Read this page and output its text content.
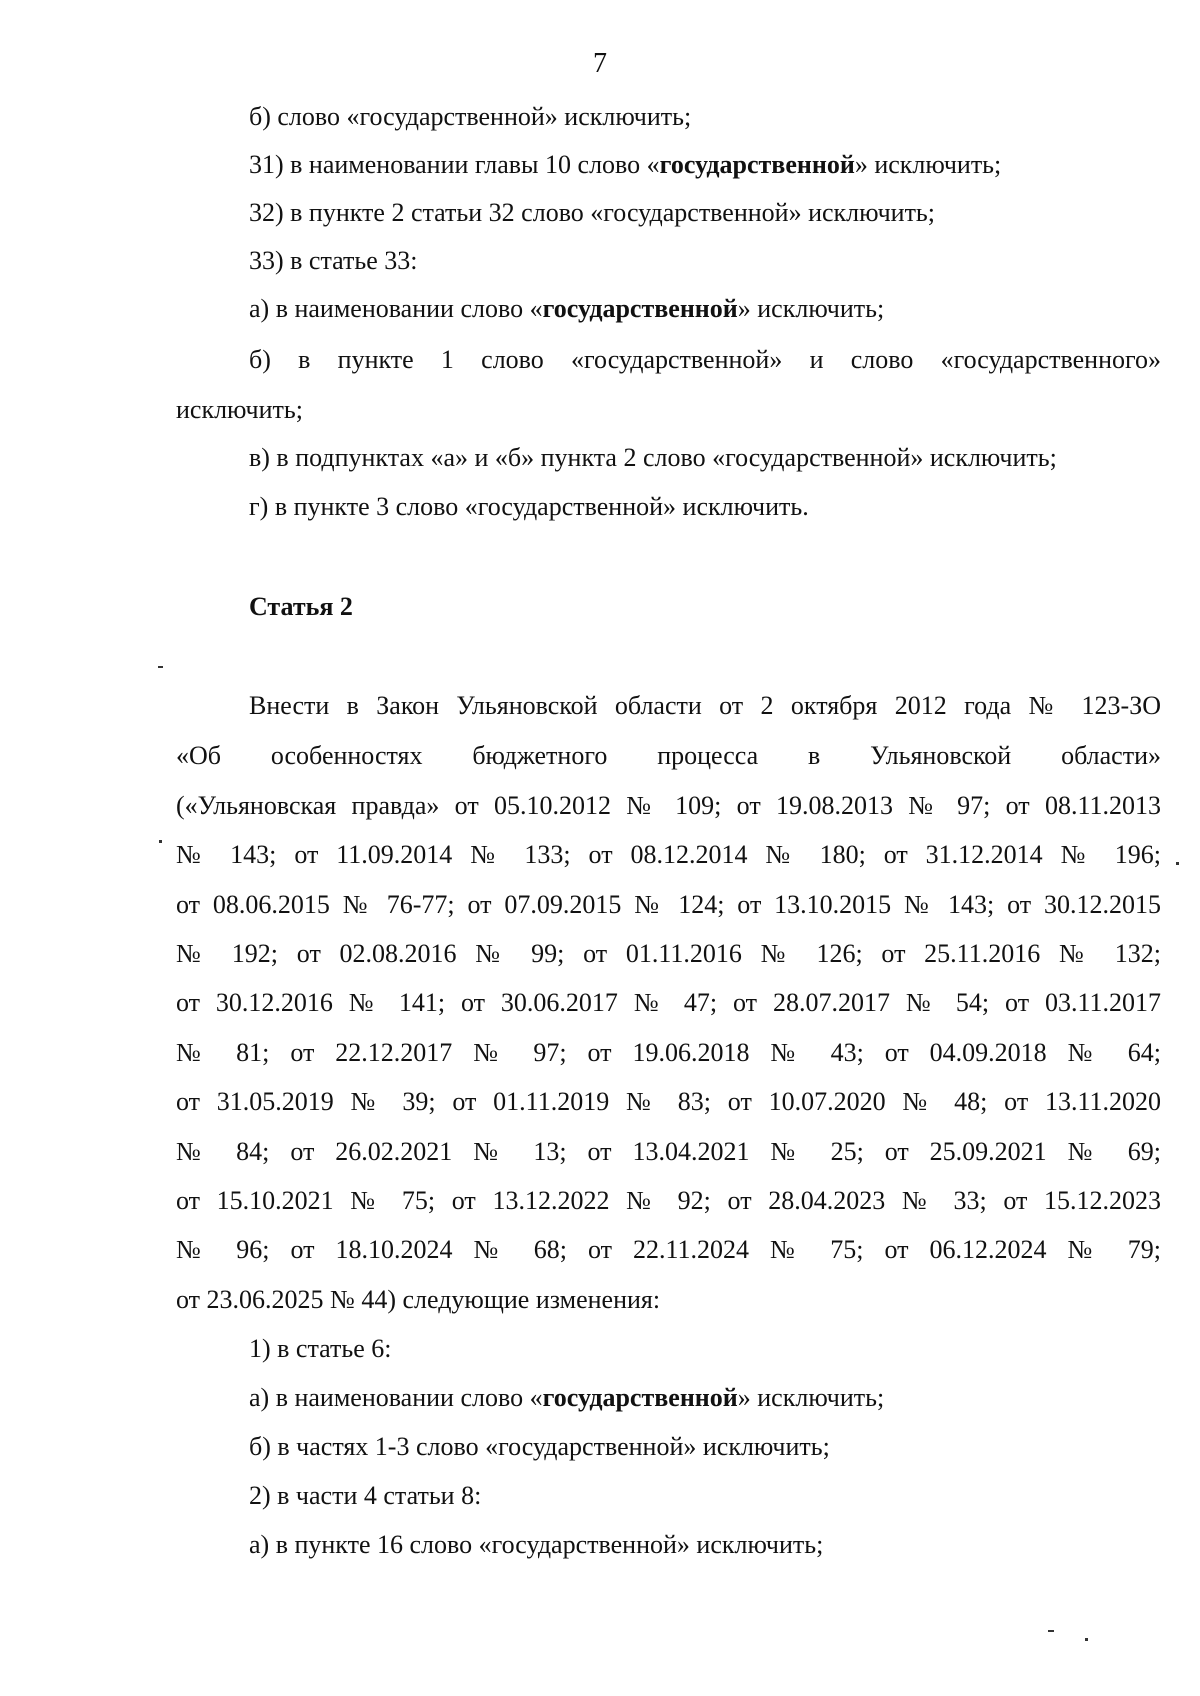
7
б) слово «государственной» исключить;
31) в наименовании главы 10 слово «государственной» исключить;
32) в пункте 2 статьи 32 слово «государственной» исключить;
33) в статье 33:
а) в наименовании слово «государственной» исключить;
б) в пункте 1 слово «государственной» и слово «государственного»
исключить;
в) в подпунктах «а» и «б» пункта 2 слово «государственной» исключить;
г) в пункте 3 слово «государственной» исключить.
Статья 2
Внести в Закон Ульяновской области от 2 октября 2012 года № 123-ЗО
«Об особенностях бюджетного процесса в Ульяновской области»
(«Ульяновская правда» от 05.10.2012 № 109; от 19.08.2013 № 97; от 08.11.2013
№ 143; от 11.09.2014 № 133; от 08.12.2014 № 180; от 31.12.2014 № 196;
от 08.06.2015 № 76-77; от 07.09.2015 № 124; от 13.10.2015 № 143; от 30.12.2015
№ 192; от 02.08.2016 № 99; от 01.11.2016 № 126; от 25.11.2016 № 132;
от 30.12.2016 № 141; от 30.06.2017 № 47; от 28.07.2017 № 54; от 03.11.2017
№ 81; от 22.12.2017 № 97; от 19.06.2018 № 43; от 04.09.2018 № 64;
от 31.05.2019 № 39; от 01.11.2019 № 83; от 10.07.2020 № 48; от 13.11.2020
№ 84; от 26.02.2021 № 13; от 13.04.2021 № 25; от 25.09.2021 № 69;
от 15.10.2021 № 75; от 13.12.2022 № 92; от 28.04.2023 № 33; от 15.12.2023
№ 96; от 18.10.2024 № 68; от 22.11.2024 № 75; от 06.12.2024 № 79;
от 23.06.2025 № 44) следующие изменения:
1) в статье 6:
а) в наименовании слово «государственной» исключить;
б) в частях 1-3 слово «государственной» исключить;
2) в части 4 статьи 8:
а) в пункте 16 слово «государственной» исключить;
